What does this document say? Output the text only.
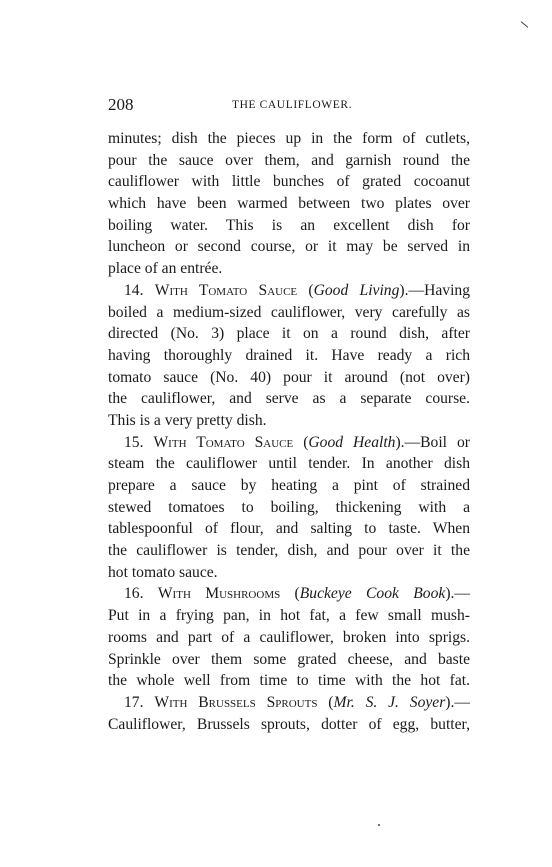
208	THE CAULIFLOWER.
minutes; dish the pieces up in the form of cutlets,
pour the sauce over them, and garnish round the
cauliflower with little bunches of grated cocoanut
which have been warmed between two plates over
boiling water. This is an excellent dish for
luncheon or second course, or it may be served in
place of an entrée.
14. With Tomato Sauce (Good Living).—Having
boiled a medium-sized cauliflower, very carefully as
directed (No. 3) place it on a round dish, after
having thoroughly drained it. Have ready a rich
tomato sauce (No. 40) pour it around (not over)
the cauliflower, and serve as a separate course.
This is a very pretty dish.
15. With Tomato Sauce (Good Health).—Boil or
steam the cauliflower until tender. In another dish
prepare a sauce by heating a pint of strained
stewed tomatoes to boiling, thickening with a
tablespoonful of flour, and salting to taste. When
the cauliflower is tender, dish, and pour over it the
hot tomato sauce.
16. With Mushrooms (Buckeye Cook Book).—
Put in a frying pan, in hot fat, a few small mush-
rooms and part of a cauliflower, broken into sprigs.
Sprinkle over them some grated cheese, and baste
the whole well from time to time with the hot fat.
17. With Brussels Sprouts (Mr. S. J. Soyer).—
Cauliflower, Brussels sprouts, dotter of egg, butter,
